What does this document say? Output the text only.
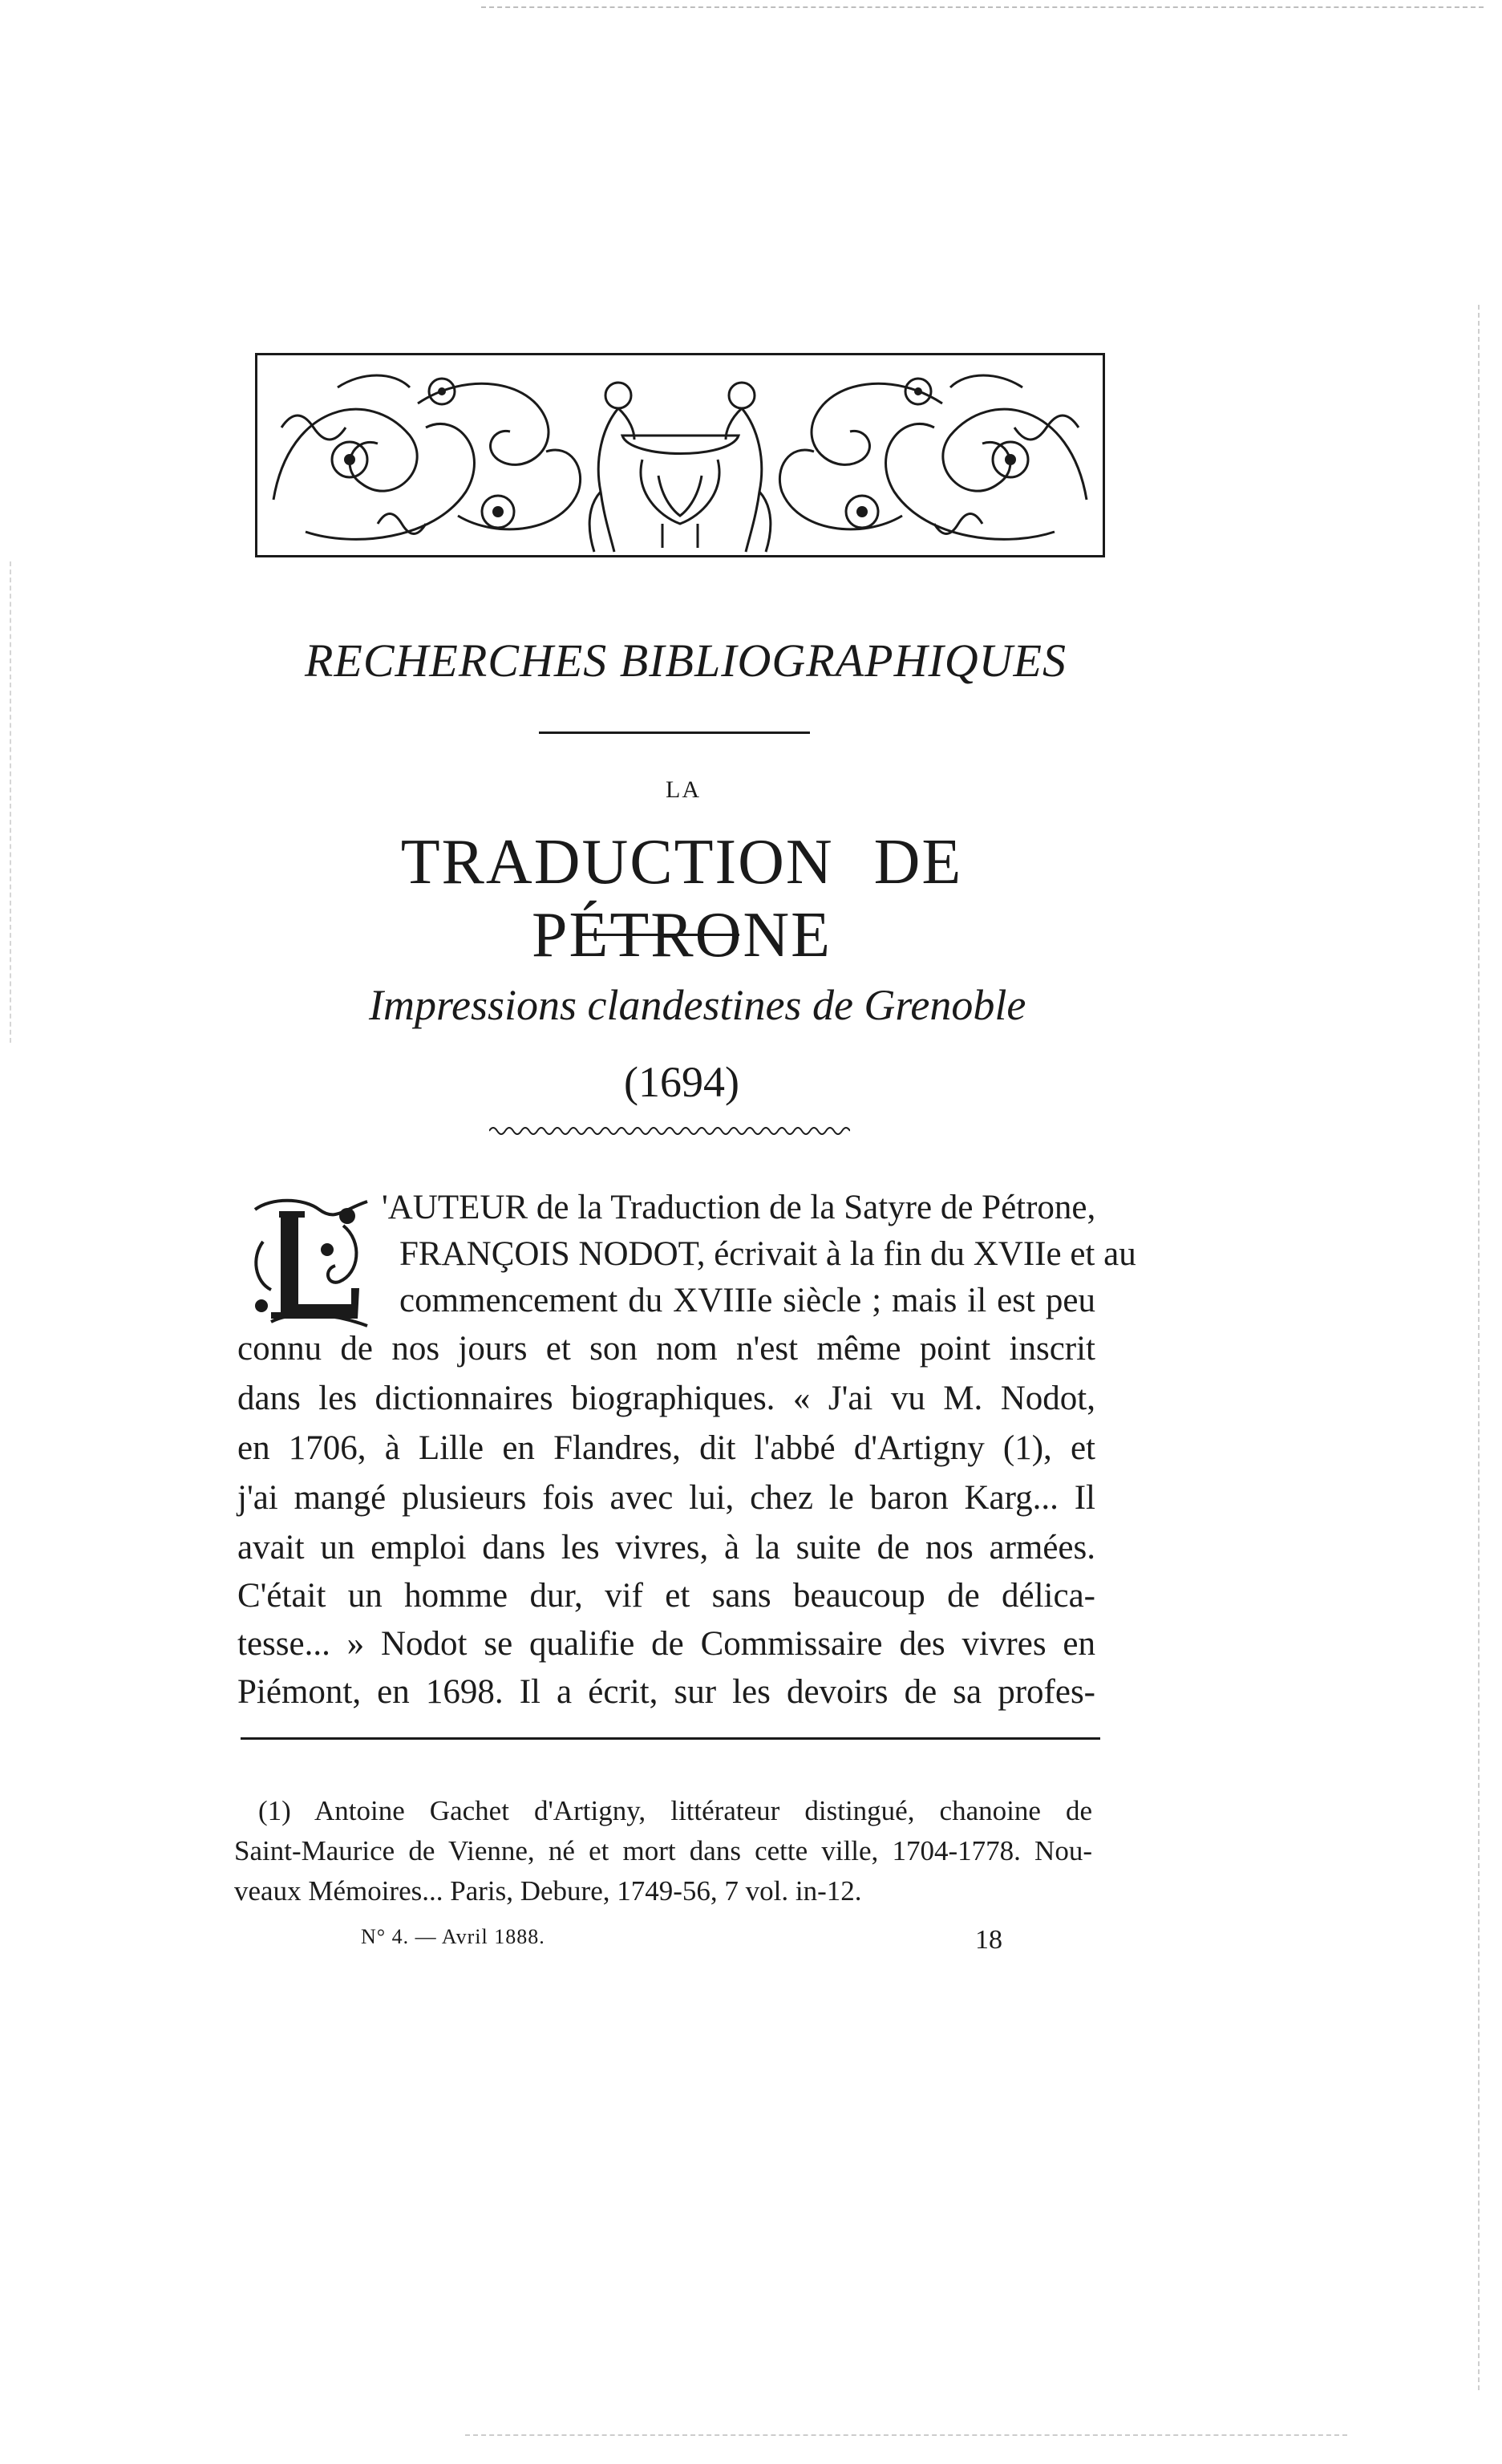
RECHERCHES BIBLIOGRAPHIQUES
LA
TRADUCTION DE PÉTRONE
Impressions clandestines de Grenoble
(1694)
L
'AUTEUR de la Traduction de la Satyre de Pétrone,
FRANÇOIS NODOT, écrivait à la fin du XVIIe et au
commencement du XVIIIe siècle ; mais il est peu
connu de nos jours et son nom n'est même point inscrit
dans les dictionnaires biographiques. « J'ai vu M. Nodot,
en 1706, à Lille en Flandres, dit l'abbé d'Artigny (1), et
j'ai mangé plusieurs fois avec lui, chez le baron Karg... Il
avait un emploi dans les vivres, à la suite de nos armées.
C'était un homme dur, vif et sans beaucoup de délica-
tesse... » Nodot se qualifie de Commissaire des vivres en
Piémont, en 1698. Il a écrit, sur les devoirs de sa profes-
(1) Antoine Gachet d'Artigny, littérateur distingué, chanoine de
Saint-Maurice de Vienne, né et mort dans cette ville, 1704-1778. Nou-
veaux Mémoires... Paris, Debure, 1749-56, 7 vol. in-12.
N° 4. — Avril 1888.	18
